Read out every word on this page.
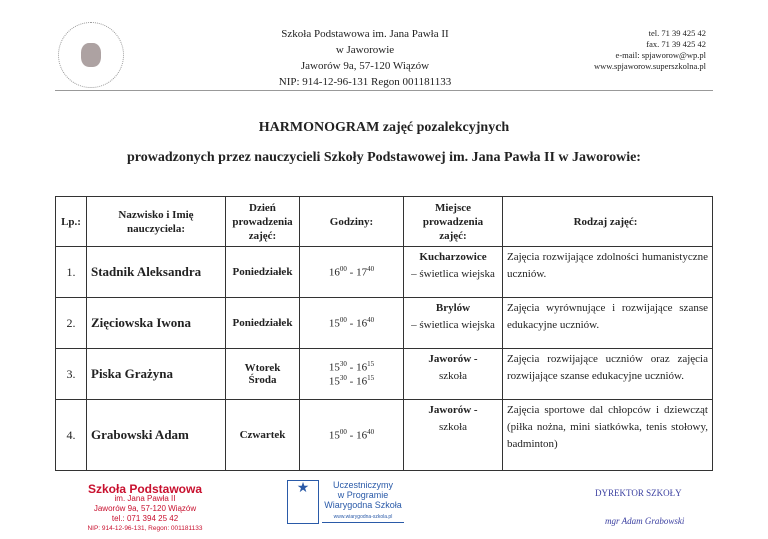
Szkoła Podstawowa im. Jana Pawła II
w Jaworowie
Jaworów 9a, 57-120 Wiązów
NIP: 914-12-96-131 Regon 001181133
tel. 71 39 425 42
fax. 71 39 425 42
e-mail: spjaworow@wp.pl
www.spjaworow.superszkolna.pl
HARMONOGRAM zajęć pozalekcyjnych
prowadzonych przez nauczycieli Szkoły Podstawowej im. Jana Pawła II w Jaworowie:
Lp.:	Nazwisko i Imię nauczyciela:	Dzień prowadzenia zajęć:	Godziny:	Miejsce prowadzenia zajęć:	Rodzaj zajęć:
1.	Stadnik Aleksandra	Poniedziałek	$16^{00} - 17^{40}$	Kucharzowice
– świetlica wiejska	Zajęcia rozwijające zdolności humanistyczne uczniów.
2.	Zięciowska Iwona	Poniedziałek	$15^{00} - 16^{40}$	Brylów
– świetlica wiejska	Zajęcia wyrównujące i rozwijające szanse edukacyjne uczniów.
3.	Piska Grażyna	Wtorek
Środa	$15^{30} - 16^{15}$
$15^{30} - 16^{15}$	Jaworów -
szkoła	Zajęcia rozwijające uczniów oraz zajęcia rozwijające szanse edukacyjne uczniów.
4.	Grabowski Adam	Czwartek	$15^{00} - 16^{40}$	Jaworów -
szkoła	Zajęcia sportowe dal chłopców i dziewcząt (piłka nożna, mini siatkówka, tenis stołowy, badminton)
Szkoła Podstawowa
im. Jana Pawła II
Jaworów 9a, 57-120 Wiązów
tel.: 071 394 25 42
NIP: 914-12-96-131, Regon: 001181133
★	Uczestniczymy
w Programie
Wiarygodna Szkoła
www.wiarygodna-szkola.pl
DYREKTOR SZKOŁY
mgr Adam Grabowski
